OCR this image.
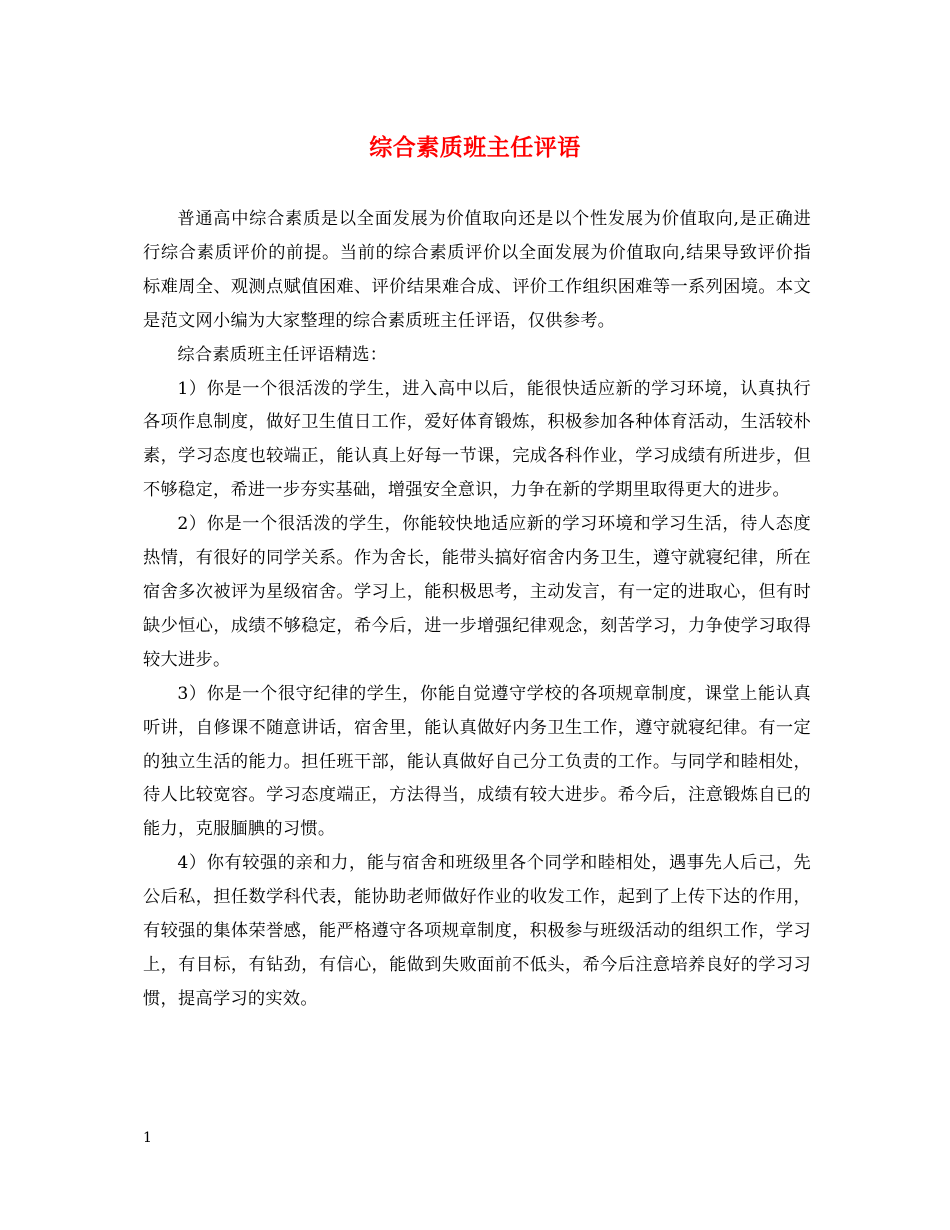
综合素质班主任评语

普通高中综合素质是以全面发展为价值取向还是以个性发展为价值取向,是正确进行综合素质评价的前提。当前的综合素质评价以全面发展为价值取向,结果导致评价指标难周全、观测点赋值困难、评价结果难合成、评价工作组织困难等一系列困境。本文是范文网小编为大家整理的综合素质班主任评语，仅供参考。

综合素质班主任评语精选：

1）你是一个很活泼的学生，进入高中以后，能很快适应新的学习环境，认真执行各项作息制度，做好卫生值日工作，爱好体育锻炼，积极参加各种体育活动，生活较朴素，学习态度也较端正，能认真上好每一节课，完成各科作业，学习成绩有所进步，但不够稳定，希进一步夯实基础，增强安全意识，力争在新的学期里取得更大的进步。

2）你是一个很活泼的学生，你能较快地适应新的学习环境和学习生活，待人态度热情，有很好的同学关系。作为舍长，能带头搞好宿舍内务卫生，遵守就寝纪律，所在宿舍多次被评为星级宿舍。学习上，能积极思考，主动发言，有一定的进取心，但有时缺少恒心，成绩不够稳定，希今后，进一步增强纪律观念，刻苦学习，力争使学习取得较大进步。

3）你是一个很守纪律的学生，你能自觉遵守学校的各项规章制度，课堂上能认真听讲，自修课不随意讲话，宿舍里，能认真做好内务卫生工作，遵守就寝纪律。有一定的独立生活的能力。担任班干部，能认真做好自己分工负责的工作。与同学和睦相处，待人比较宽容。学习态度端正，方法得当，成绩有较大进步。希今后，注意锻炼自已的能力，克服腼腆的习惯。

4）你有较强的亲和力，能与宿舍和班级里各个同学和睦相处，遇事先人后己，先公后私，担任数学科代表，能协助老师做好作业的收发工作，起到了上传下达的作用，有较强的集体荣誉感，能严格遵守各项规章制度，积极参与班级活动的组织工作，学习上，有目标，有钻劲，有信心，能做到失败面前不低头，希今后注意培养良好的学习习惯，提高学习的实效。

1
